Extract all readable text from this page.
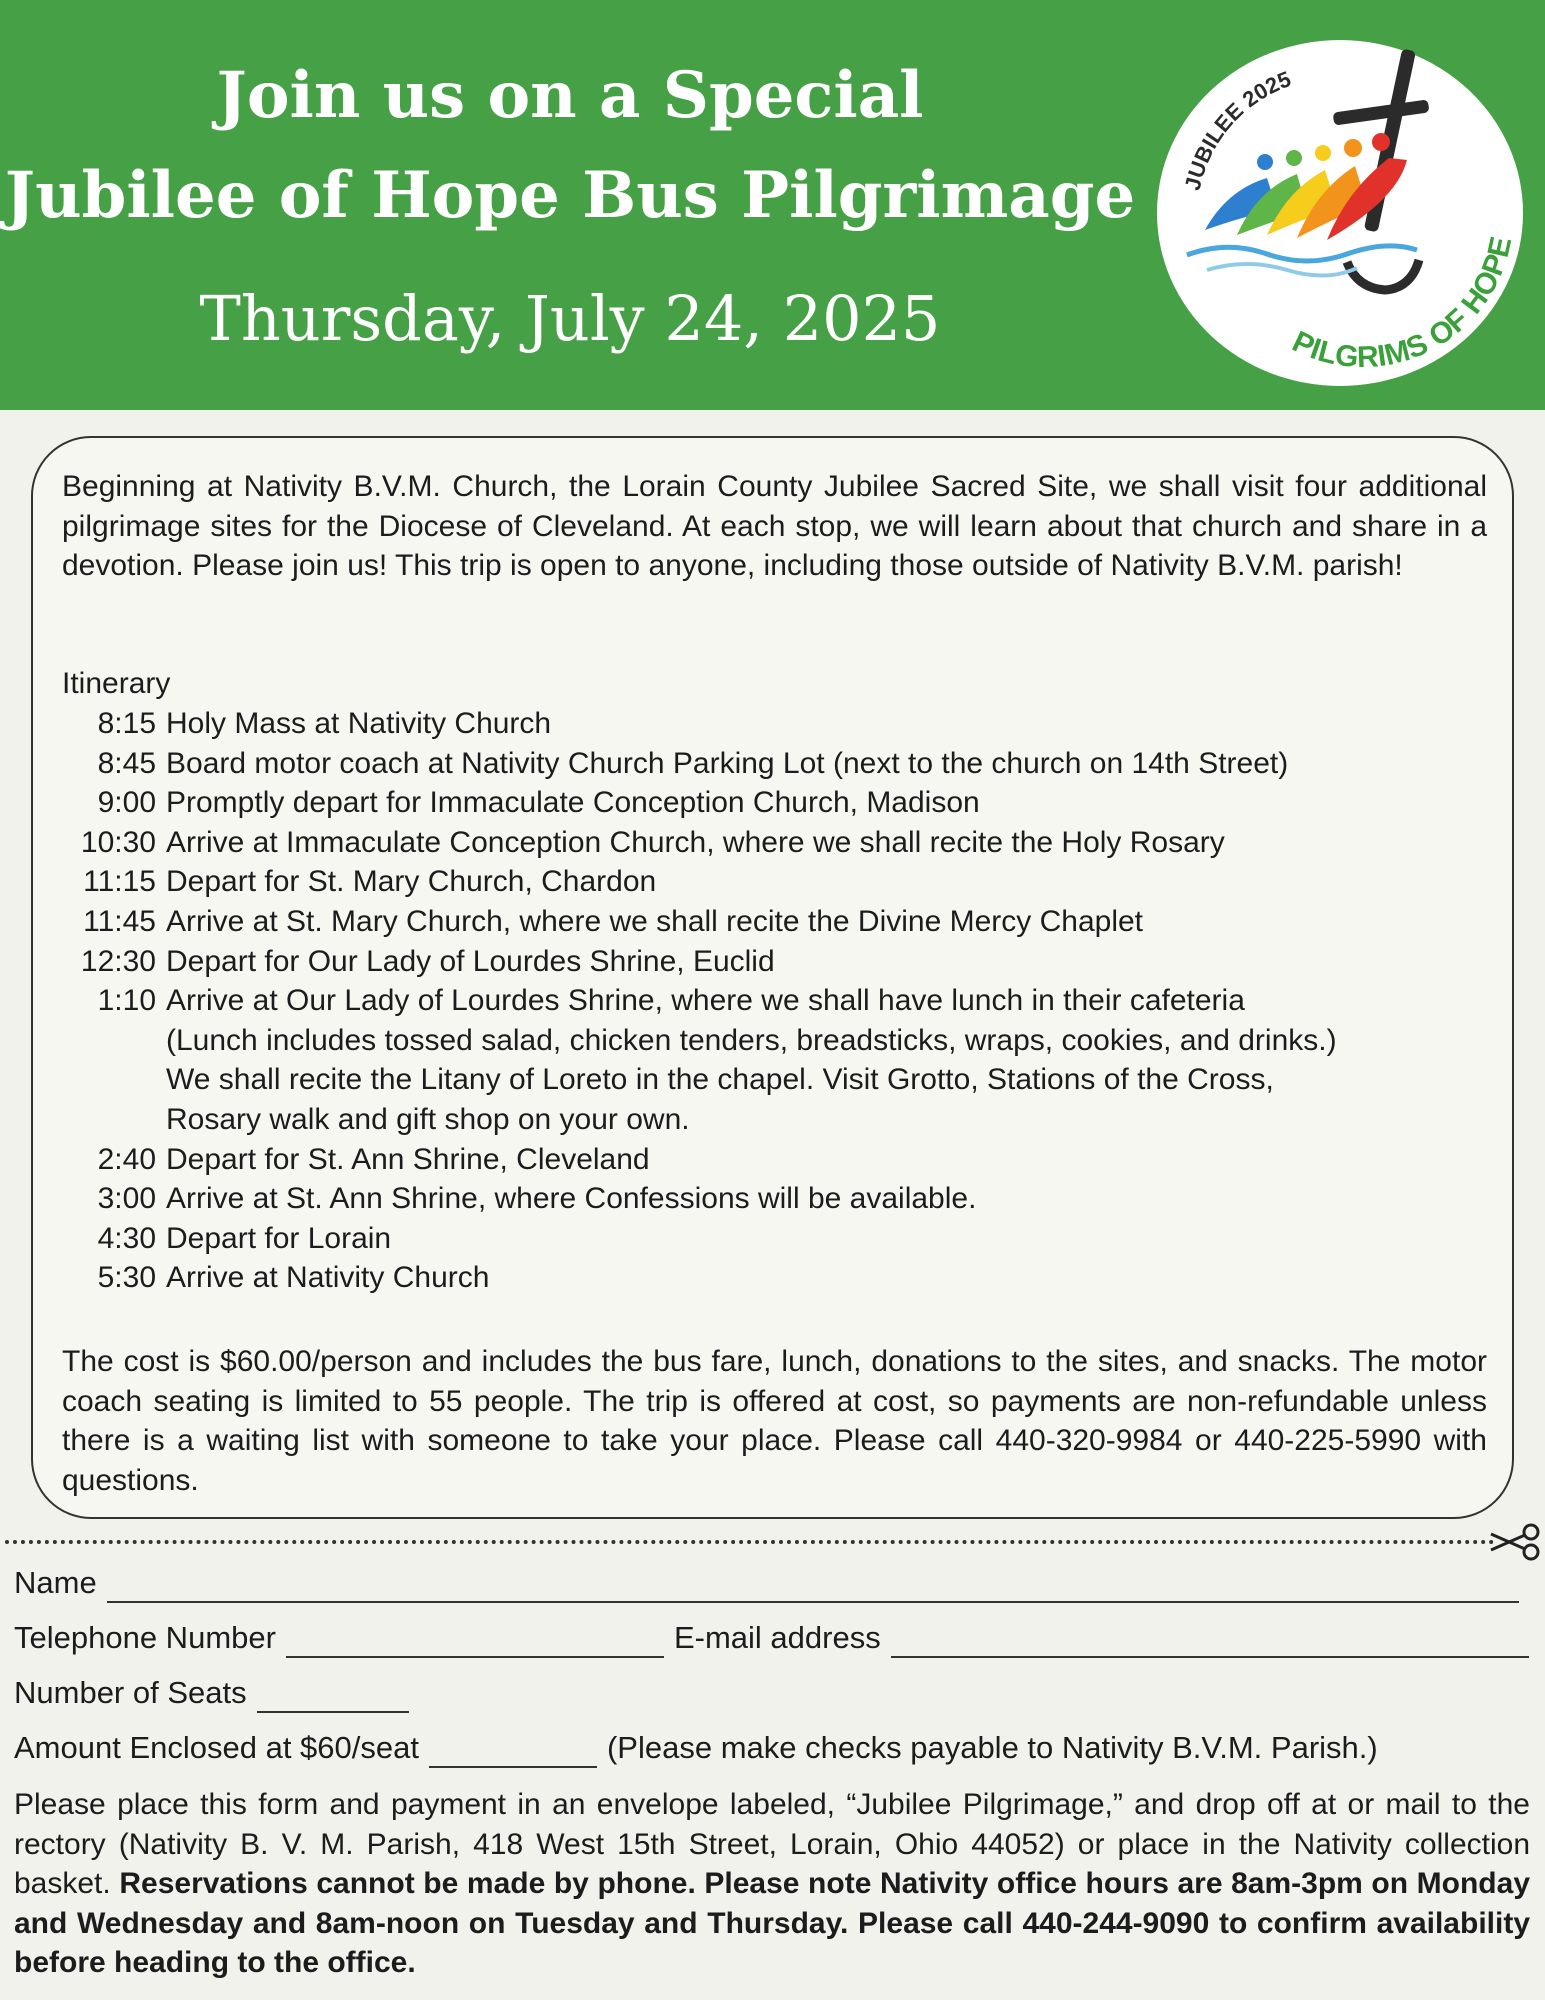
Join us on a Special
Jubilee of Hope Bus Pilgrimage
Thursday, July 24, 2025
JUBILEE 2025
PILGRIMS OF HOPE
Beginning at Nativity B.V.M. Church, the Lorain County Jubilee Sacred Site, we shall visit four additional pilgrimage sites for the Diocese of Cleveland. At each stop, we will learn about that church and share in a devotion. Please join us! This trip is open to anyone, including those outside of Nativity B.V.M. parish!
Itinerary
8:15 Holy Mass at Nativity Church
8:45 Board motor coach at Nativity Church Parking Lot (next to the church on 14th Street)
9:00 Promptly depart for Immaculate Conception Church, Madison
10:30 Arrive at Immaculate Conception Church, where we shall recite the Holy Rosary
11:15 Depart for St. Mary Church, Chardon
11:45 Arrive at St. Mary Church, where we shall recite the Divine Mercy Chaplet
12:30 Depart for Our Lady of Lourdes Shrine, Euclid
1:10 Arrive at Our Lady of Lourdes Shrine, where we shall have lunch in their cafeteria
(Lunch includes tossed salad, chicken tenders, breadsticks, wraps, cookies, and drinks.)
We shall recite the Litany of Loreto in the chapel. Visit Grotto, Stations of the Cross,
Rosary walk and gift shop on your own.
2:40 Depart for St. Ann Shrine, Cleveland
3:00 Arrive at St. Ann Shrine, where Confessions will be available.
4:30 Depart for Lorain
5:30 Arrive at Nativity Church
The cost is $60.00/person and includes the bus fare, lunch, donations to the sites, and snacks. The motor coach seating is limited to 55 people. The trip is offered at cost, so payments are non-refundable unless there is a waiting list with someone to take your place. Please call 440-320-9984 or 440-225-5990 with questions.
Name
Telephone Number	E-mail address
Number of Seats
Amount Enclosed at $60/seat	(Please make checks payable to Nativity B.V.M. Parish.)
Please place this form and payment in an envelope labeled, “Jubilee Pilgrimage,” and drop off at or mail to the rectory (Nativity B. V. M. Parish, 418 West 15th Street, Lorain, Ohio 44052) or place in the Nativity collection basket. Reservations cannot be made by phone. Please note Nativity office hours are 8am-3pm on Monday and Wednesday and 8am-noon on Tuesday and Thursday. Please call 440-244-9090 to confirm availability before heading to the office.
